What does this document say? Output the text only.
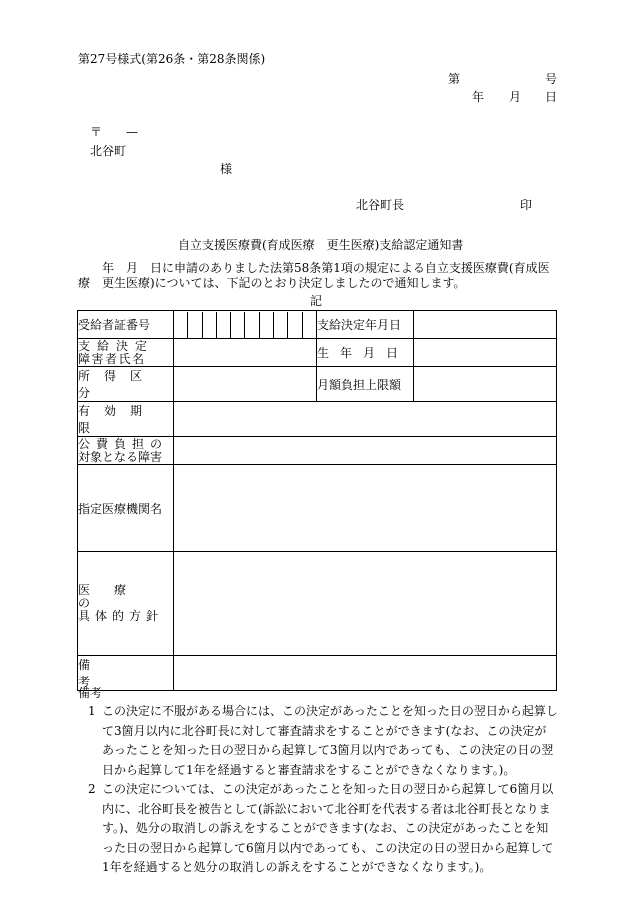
第27号様式(第26条・第28条関係)
第	号
年 月 日
〒　　—
北谷町
様
北谷町長	印
自立支援医療費(育成医療　更生医療)支給認定通知書
　　年　月　日に申請のありました法第58条第1項の規定による自立支援医療費(育成医療　更生医療)については、下記のとおり決定しましたので通知します。
記
受給者証番号		支給決定年月日	

支給決定
障害者氏名		生年月日	
所得区分		月額負担上限額	
有効期限			

公費負担の
対象となる障害			

指定医療機関名			

医療の
具体的方針			

備考			
備考
1 この決定に不服がある場合には、この決定があったことを知った日の翌日から起算して3箇月以内に北谷町長に対して審査請求をすることができます(なお、この決定があったことを知った日の翌日から起算して3箇月以内であっても、この決定の日の翌日から起算して1年を経過すると審査請求をすることができなくなります。)。
2 この決定については、この決定があったことを知った日の翌日から起算して6箇月以内に、北谷町長を被告として(訴訟において北谷町を代表する者は北谷町長となります。)、処分の取消しの訴えをすることができます(なお、この決定があったことを知った日の翌日から起算して6箇月以内であっても、この決定の日の翌日から起算して1年を経過すると処分の取消しの訴えをすることができなくなります。)。
